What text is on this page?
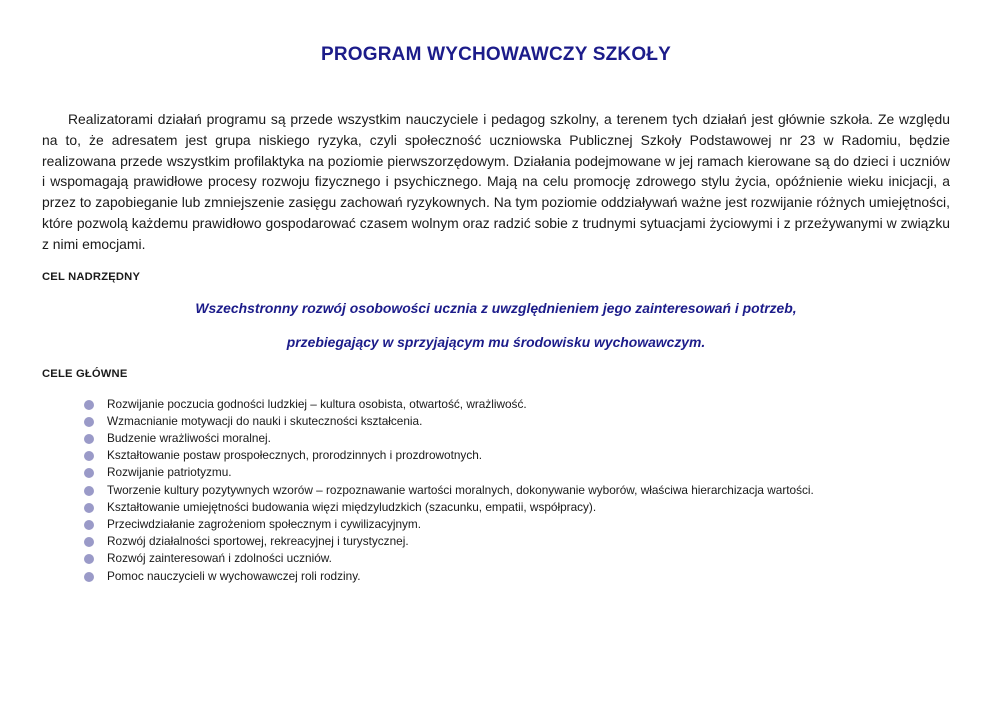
PROGRAM WYCHOWAWCZY SZKOŁY

Realizatorami działań programu są przede wszystkim nauczyciele i pedagog szkolny, a terenem tych działań jest głównie szkoła. Ze względu na to, że adresatem jest grupa niskiego ryzyka, czyli społeczność uczniowska Publicznej Szkoły Podstawowej nr 23 w Radomiu, będzie realizowana przede wszystkim profilaktyka na poziomie pierwszorzędowym. Działania podejmowane w jej ramach kierowane są do dzieci i uczniów i wspomagają prawidłowe procesy rozwoju fizycznego i psychicznego. Mają na celu promocję zdrowego stylu życia, opóźnienie wieku inicjacji, a przez to zapobieganie lub zmniejszenie zasięgu zachowań ryzykownych. Na tym poziomie oddziaływań ważne jest rozwijanie różnych umiejętności, które pozwolą każdemu prawidłowo gospodarować czasem wolnym oraz radzić sobie z trudnymi sytuacjami życiowymi i z przeżywanymi w związku z nimi emocjami.

CEL NADRZĘDNY

Wszechstronny rozwój osobowości ucznia z uwzględnieniem jego zainteresowań i potrzeb,

przebiegający w sprzyjającym mu środowisku wychowawczym.

CELE GŁÓWNE
Rozwijanie poczucia godności ludzkiej – kultura osobista, otwartość, wrażliwość.
Wzmacnianie motywacji do nauki i skuteczności kształcenia.
Budzenie wrażliwości moralnej.
Kształtowanie postaw prospołecznych, prorodzinnych i prozdrowotnych.
Rozwijanie patriotyzmu.
Tworzenie kultury pozytywnych wzorów – rozpoznawanie wartości moralnych, dokonywanie wyborów, właściwa hierarchizacja wartości.
Kształtowanie umiejętności budowania więzi międzyludzkich (szacunku, empatii, współpracy).
Przeciwdziałanie zagrożeniom społecznym i cywilizacyjnym.
Rozwój działalności sportowej, rekreacyjnej i turystycznej.
Rozwój zainteresowań i zdolności uczniów.
Pomoc nauczycieli w wychowawczej roli rodziny.
